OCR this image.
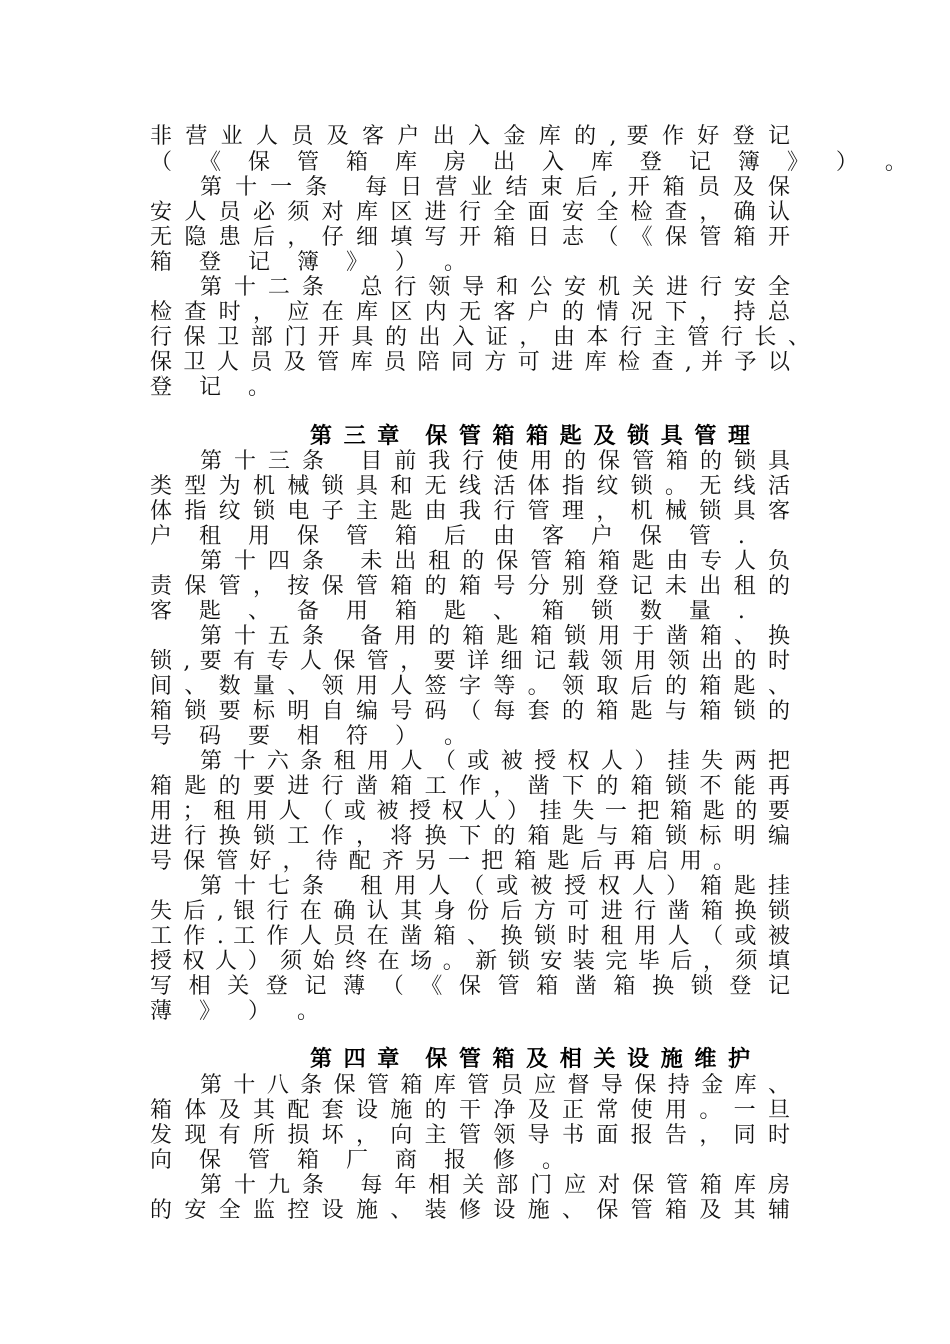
非 营 业 人 员 及 客 户 出 入 金 库 的 , 要 作 好 登 记
（ 《 保 管 箱 库 房 出 入 库 登 记 簿 》 ） 。
第 十 一 条　 每 日 营 业 结 束 后 , 开 箱 员 及 保
安 人 员 必 须 对 库 区 进 行 全 面 安 全 检 查 ， 确 认
无 隐 患 后 ， 仔 细 填 写 开 箱 日 志 （ 《 保 管 箱 开
箱 登 记 簿 》 ） 。
第 十 二 条　 总 行 领 导 和 公 安 机 关 进 行 安 全
检 查 时 ， 应 在 库 区 内 无 客 户 的 情 况 下 ， 持 总
行 保 卫 部 门 开 具 的 出 入 证 ， 由 本 行 主 管 行 长 、
保 卫 人 员 及 管 库 员 陪 同 方 可 进 库 检 查 , 并 予 以
登 记 。
第 三 章　保 管 箱 箱 匙 及 锁 具 管 理
第 十 三 条　 目 前 我 行 使 用 的 保 管 箱 的 锁 具
类 型 为 机 械 锁 具 和 无 线 活 体 指 纹 锁 。 无 线 活
体 指 纹 锁 电 子 主 匙 由 我 行 管 理 ， 机 械 锁 具 客
户 租 用 保 管 箱 后 由 客 户 保 管 .
第 十 四 条　 未 出 租 的 保 管 箱 箱 匙 由 专 人 负
责 保 管 ， 按 保 管 箱 的 箱 号 分 别 登 记 未 出 租 的
客 匙 、 备 用 箱 匙 、 箱 锁 数 量 .
第 十 五 条　 备 用 的 箱 匙 箱 锁 用 于 凿 箱 、 换
锁 , 要 有 专 人 保 管 ， 要 详 细 记 载 领 用 领 出 的 时
间 、 数 量 、 领 用 人 签 字 等 。 领 取 后 的 箱 匙 、
箱 锁 要 标 明 自 编 号 码 （ 每 套 的 箱 匙 与 箱 锁 的
号 码 要 相 符 ） 。
第 十 六 条 租 用 人 （ 或 被 授 权 人 ） 挂 失 两 把
箱 匙 的 要 进 行 凿 箱 工 作 ， 凿 下 的 箱 锁 不 能 再
用 ； 租 用 人 （ 或 被 授 权 人 ） 挂 失 一 把 箱 匙 的 要
进 行 换 锁 工 作 ， 将 换 下 的 箱 匙 与 箱 锁 标 明 编
号 保 管 好 ， 待 配 齐 另 一 把 箱 匙 后 再 启 用 。
第 十 七 条　 租 用 人 （ 或 被 授 权 人 ） 箱 匙 挂
失 后 , 银 行 在 确 认 其 身 份 后 方 可 进 行 凿 箱 换 锁
工 作 . 工 作 人 员 在 凿 箱 、 换 锁 时 租 用 人 （ 或 被
授 权 人 ） 须 始 终 在 场 。 新 锁 安 装 完 毕 后 ， 须 填
写 相 关 登 记 薄 （ 《 保 管 箱 凿 箱 换 锁 登 记
薄 》 ） 。
第 四 章　保 管 箱 及 相 关 设 施 维 护
第 十 八 条 保 管 箱 库 管 员 应 督 导 保 持 金 库 、
箱 体 及 其 配 套 设 施 的 干 净 及 正 常 使 用 。 一 旦
发 现 有 所 损 坏 ， 向 主 管 领 导 书 面 报 告 ， 同 时
向 保 管 箱 厂 商 报 修 。
第 十 九 条　 每 年 相 关 部 门 应 对 保 管 箱 库 房
的 安 全 监 控 设 施 、 装 修 设 施 、 保 管 箱 及 其 辅
